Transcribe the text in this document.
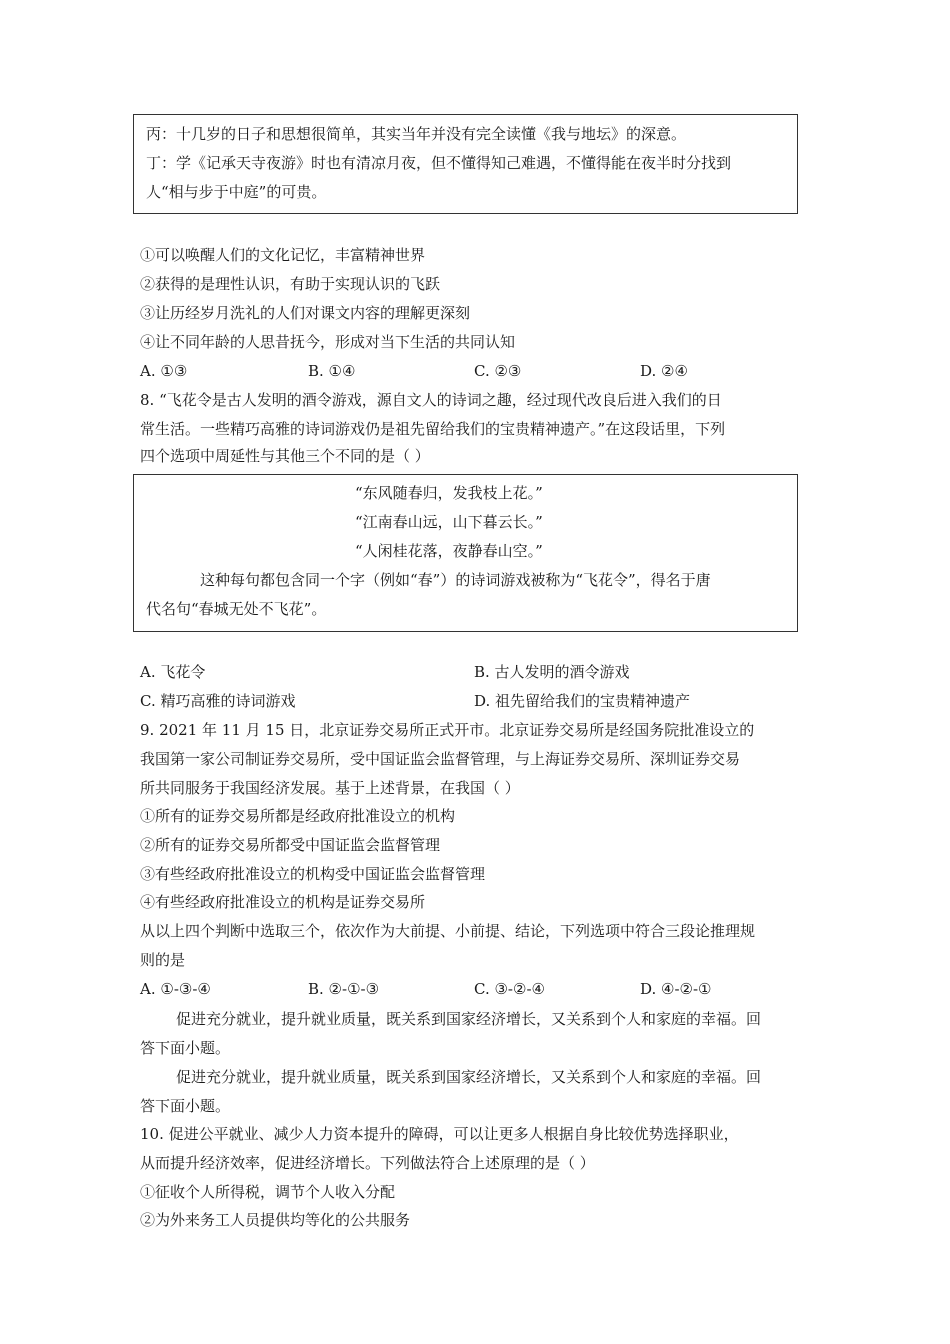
丙：十几岁的日子和思想很简单，其实当年并没有完全读懂《我与地坛》的深意。
丁：学《记承天寺夜游》时也有清凉月夜，但不懂得知己难遇，不懂得能在夜半时分找到
人“相与步于中庭”的可贵。
①可以唤醒人们的文化记忆，丰富精神世界
②获得的是理性认识，有助于实现认识的飞跃
③让历经岁月洗礼的人们对课文内容的理解更深刻
④让不同年龄的人思昔抚今，形成对当下生活的共同认知
A. ①③	B. ①④	C. ②③	D. ②④
8. “飞花令是古人发明的酒令游戏，源自文人的诗词之趣，经过现代改良后进入我们的日
常生活。一些精巧高雅的诗词游戏仍是祖先留给我们的宝贵精神遗产。”在这段话里，下列
四个选项中周延性与其他三个不同的是（ ）
“东风随春归，发我枝上花。”
“江南春山远，山下暮云长。”
“人闲桂花落，夜静春山空。”
这种每句都包含同一个字（例如“春”）的诗词游戏被称为“飞花令”，得名于唐
代名句“春城无处不飞花”。
A. 飞花令	B. 古人发明的酒令游戏
C. 精巧高雅的诗词游戏	D. 祖先留给我们的宝贵精神遗产
9. 2021 年 11 月 15 日，北京证券交易所正式开市。北京证券交易所是经国务院批准设立的
我国第一家公司制证券交易所，受中国证监会监督管理，与上海证券交易所、深圳证券交易
所共同服务于我国经济发展。基于上述背景，在我国（ ）
①所有的证券交易所都是经政府批准设立的机构
②所有的证券交易所都受中国证监会监督管理
③有些经政府批准设立的机构受中国证监会监督管理
④有些经政府批准设立的机构是证券交易所
从以上四个判断中选取三个，依次作为大前提、小前提、结论，下列选项中符合三段论推理规
则的是
A. ①-③-④	B. ②-①-③	C. ③-②-④	D. ④-②-①
促进充分就业，提升就业质量，既关系到国家经济增长，又关系到个人和家庭的幸福。回
答下面小题。
促进充分就业，提升就业质量，既关系到国家经济增长，又关系到个人和家庭的幸福。回
答下面小题。
10. 促进公平就业、减少人力资本提升的障碍，可以让更多人根据自身比较优势选择职业，
从而提升经济效率，促进经济增长。下列做法符合上述原理的是（ ）
①征收个人所得税，调节个人收入分配
②为外来务工人员提供均等化的公共服务
